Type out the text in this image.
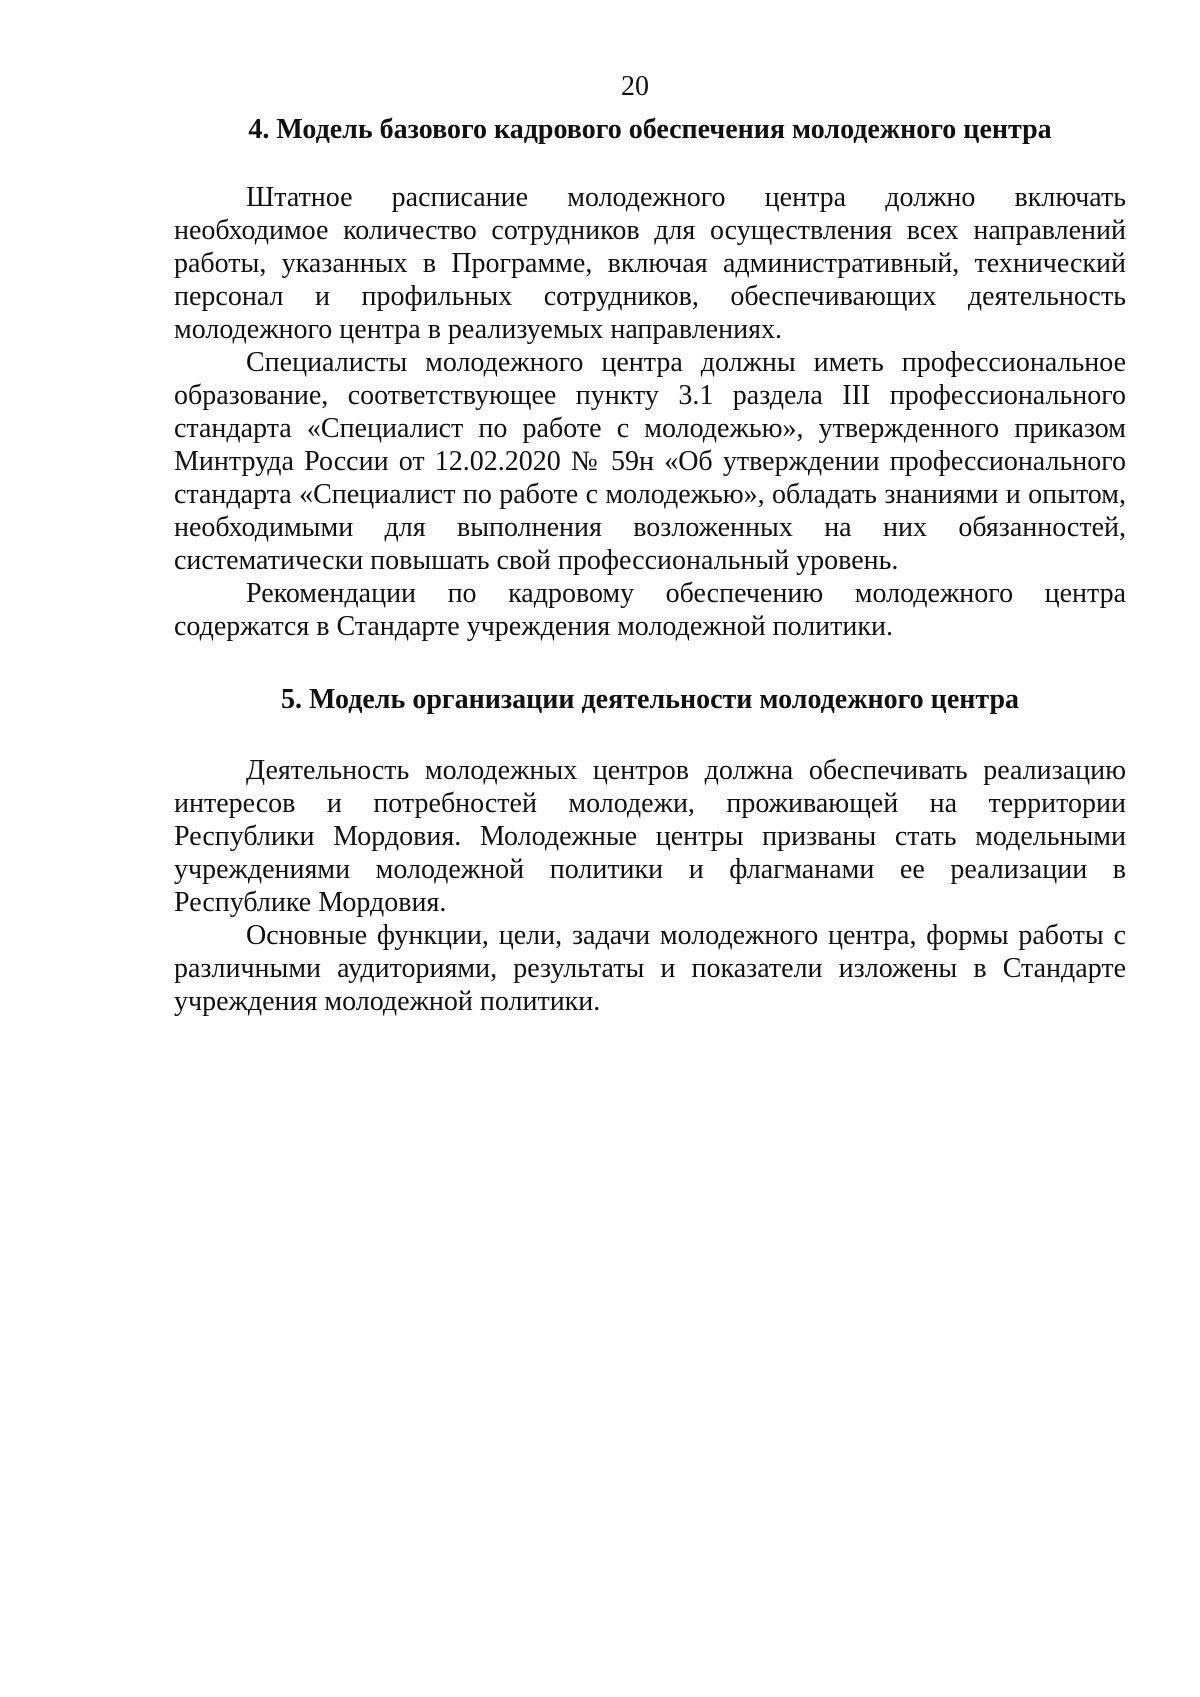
20
4. Модель базового кадрового обеспечения молодежного центра

Штатное расписание молодежного центра должно включать необходимое количество сотрудников для осуществления всех направлений работы, указанных в Программе, включая административный, технический персонал и профильных сотрудников, обеспечивающих деятельность молодежного центра в реализуемых направлениях.

Специалисты молодежного центра должны иметь профессиональное образование, соответствующее пункту 3.1 раздела III профессионального стандарта «Специалист по работе с молодежью», утвержденного приказом Минтруда России от 12.02.2020 № 59н «Об утверждении профессионального стандарта «Специалист по работе с молодежью», обладать знаниями и опытом, необходимыми для выполнения возложенных на них обязанностей, систематически повышать свой профессиональный уровень.

Рекомендации по кадровому обеспечению молодежного центра содержатся в Стандарте учреждения молодежной политики.

5. Модель организации деятельности молодежного центра

Деятельность молодежных центров должна обеспечивать реализацию интересов и потребностей молодежи, проживающей на территории Республики Мордовия. Молодежные центры призваны стать модельными учреждениями молодежной политики и флагманами ее реализации в Республике Мордовия.

Основные функции, цели, задачи молодежного центра, формы работы с различными аудиториями, результаты и показатели изложены в Стандарте учреждения молодежной политики.
